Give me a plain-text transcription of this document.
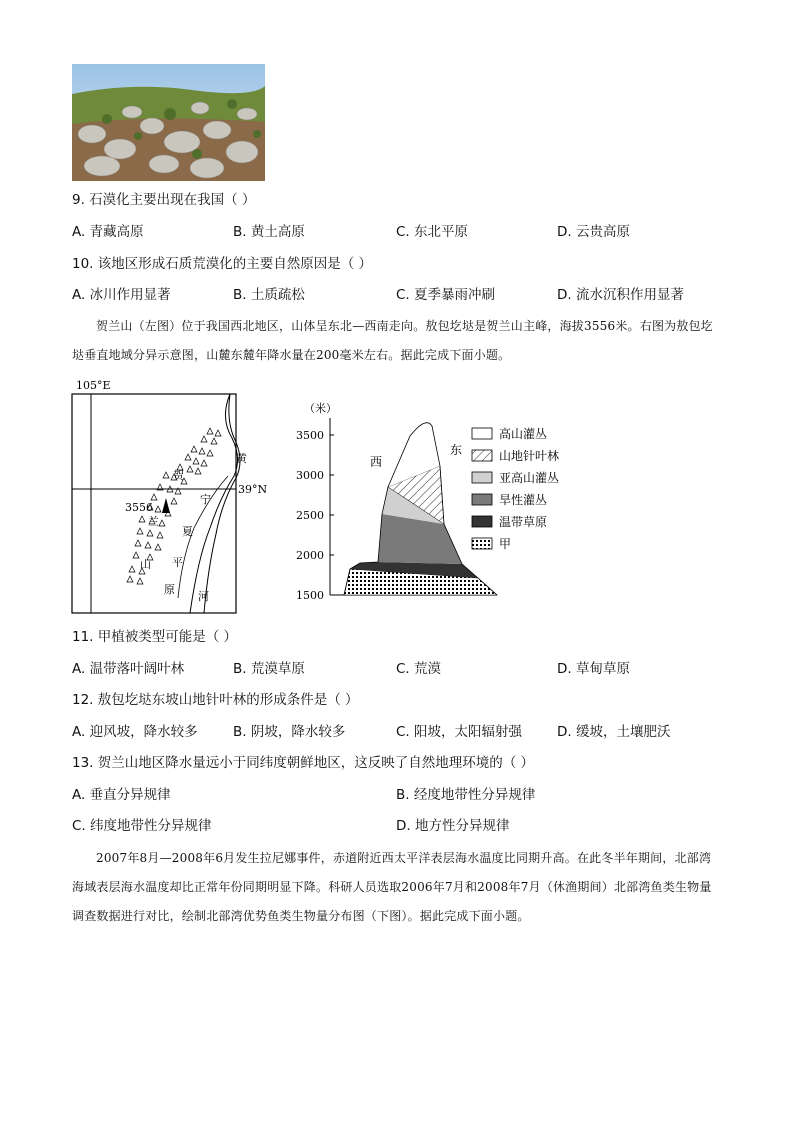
9. 石漠化主要出现在我国（ ）
A. 青藏高原	B. 黄土高原	C. 东北平原	D. 云贵高原
10. 该地区形成石质荒漠化的主要自然原因是（ ）
A. 冰川作用显著	B. 土质疏松	C. 夏季暴雨冲刷	D. 流水沉积作用显著
贺兰山（左图）位于我国西北地区，山体呈东北—西南走向。敖包圪垯是贺兰山主峰，海拔3556米。右图为敖包圪垯垂直地域分异示意图，山麓东麓年降水量在200毫米左右。据此完成下面小题。
105°E
39°N
3556
贺
兰
山
宁
夏
平
原
黄
河
（米）
3500
3000
2500
2000
1500
西
东
高山灌丛
山地针叶林
亚高山灌丛
旱性灌丛
温带草原
甲
11. 甲植被类型可能是（ ）
A. 温带落叶阔叶林	B. 荒漠草原	C. 荒漠	D. 草甸草原
12. 敖包圪垯东坡山地针叶林的形成条件是（ ）
A. 迎风坡，降水较多	B. 阴坡，降水较多	C. 阳坡，太阳辐射强	D. 缓坡，土壤肥沃
13. 贺兰山地区降水量远小于同纬度朝鲜地区，这反映了自然地理环境的（ ）
A. 垂直分异规律	B. 经度地带性分异规律
C. 纬度地带性分异规律	D. 地方性分异规律
2007年8月—2008年6月发生拉尼娜事件，赤道附近西太平洋表层海水温度比同期升高。在此冬半年期间，北部湾海域表层海水温度却比正常年份同期明显下降。科研人员选取2006年7月和2008年7月（休渔期间）北部湾鱼类生物量调查数据进行对比，绘制北部湾优势鱼类生物量分布图（下图）。据此完成下面小题。
